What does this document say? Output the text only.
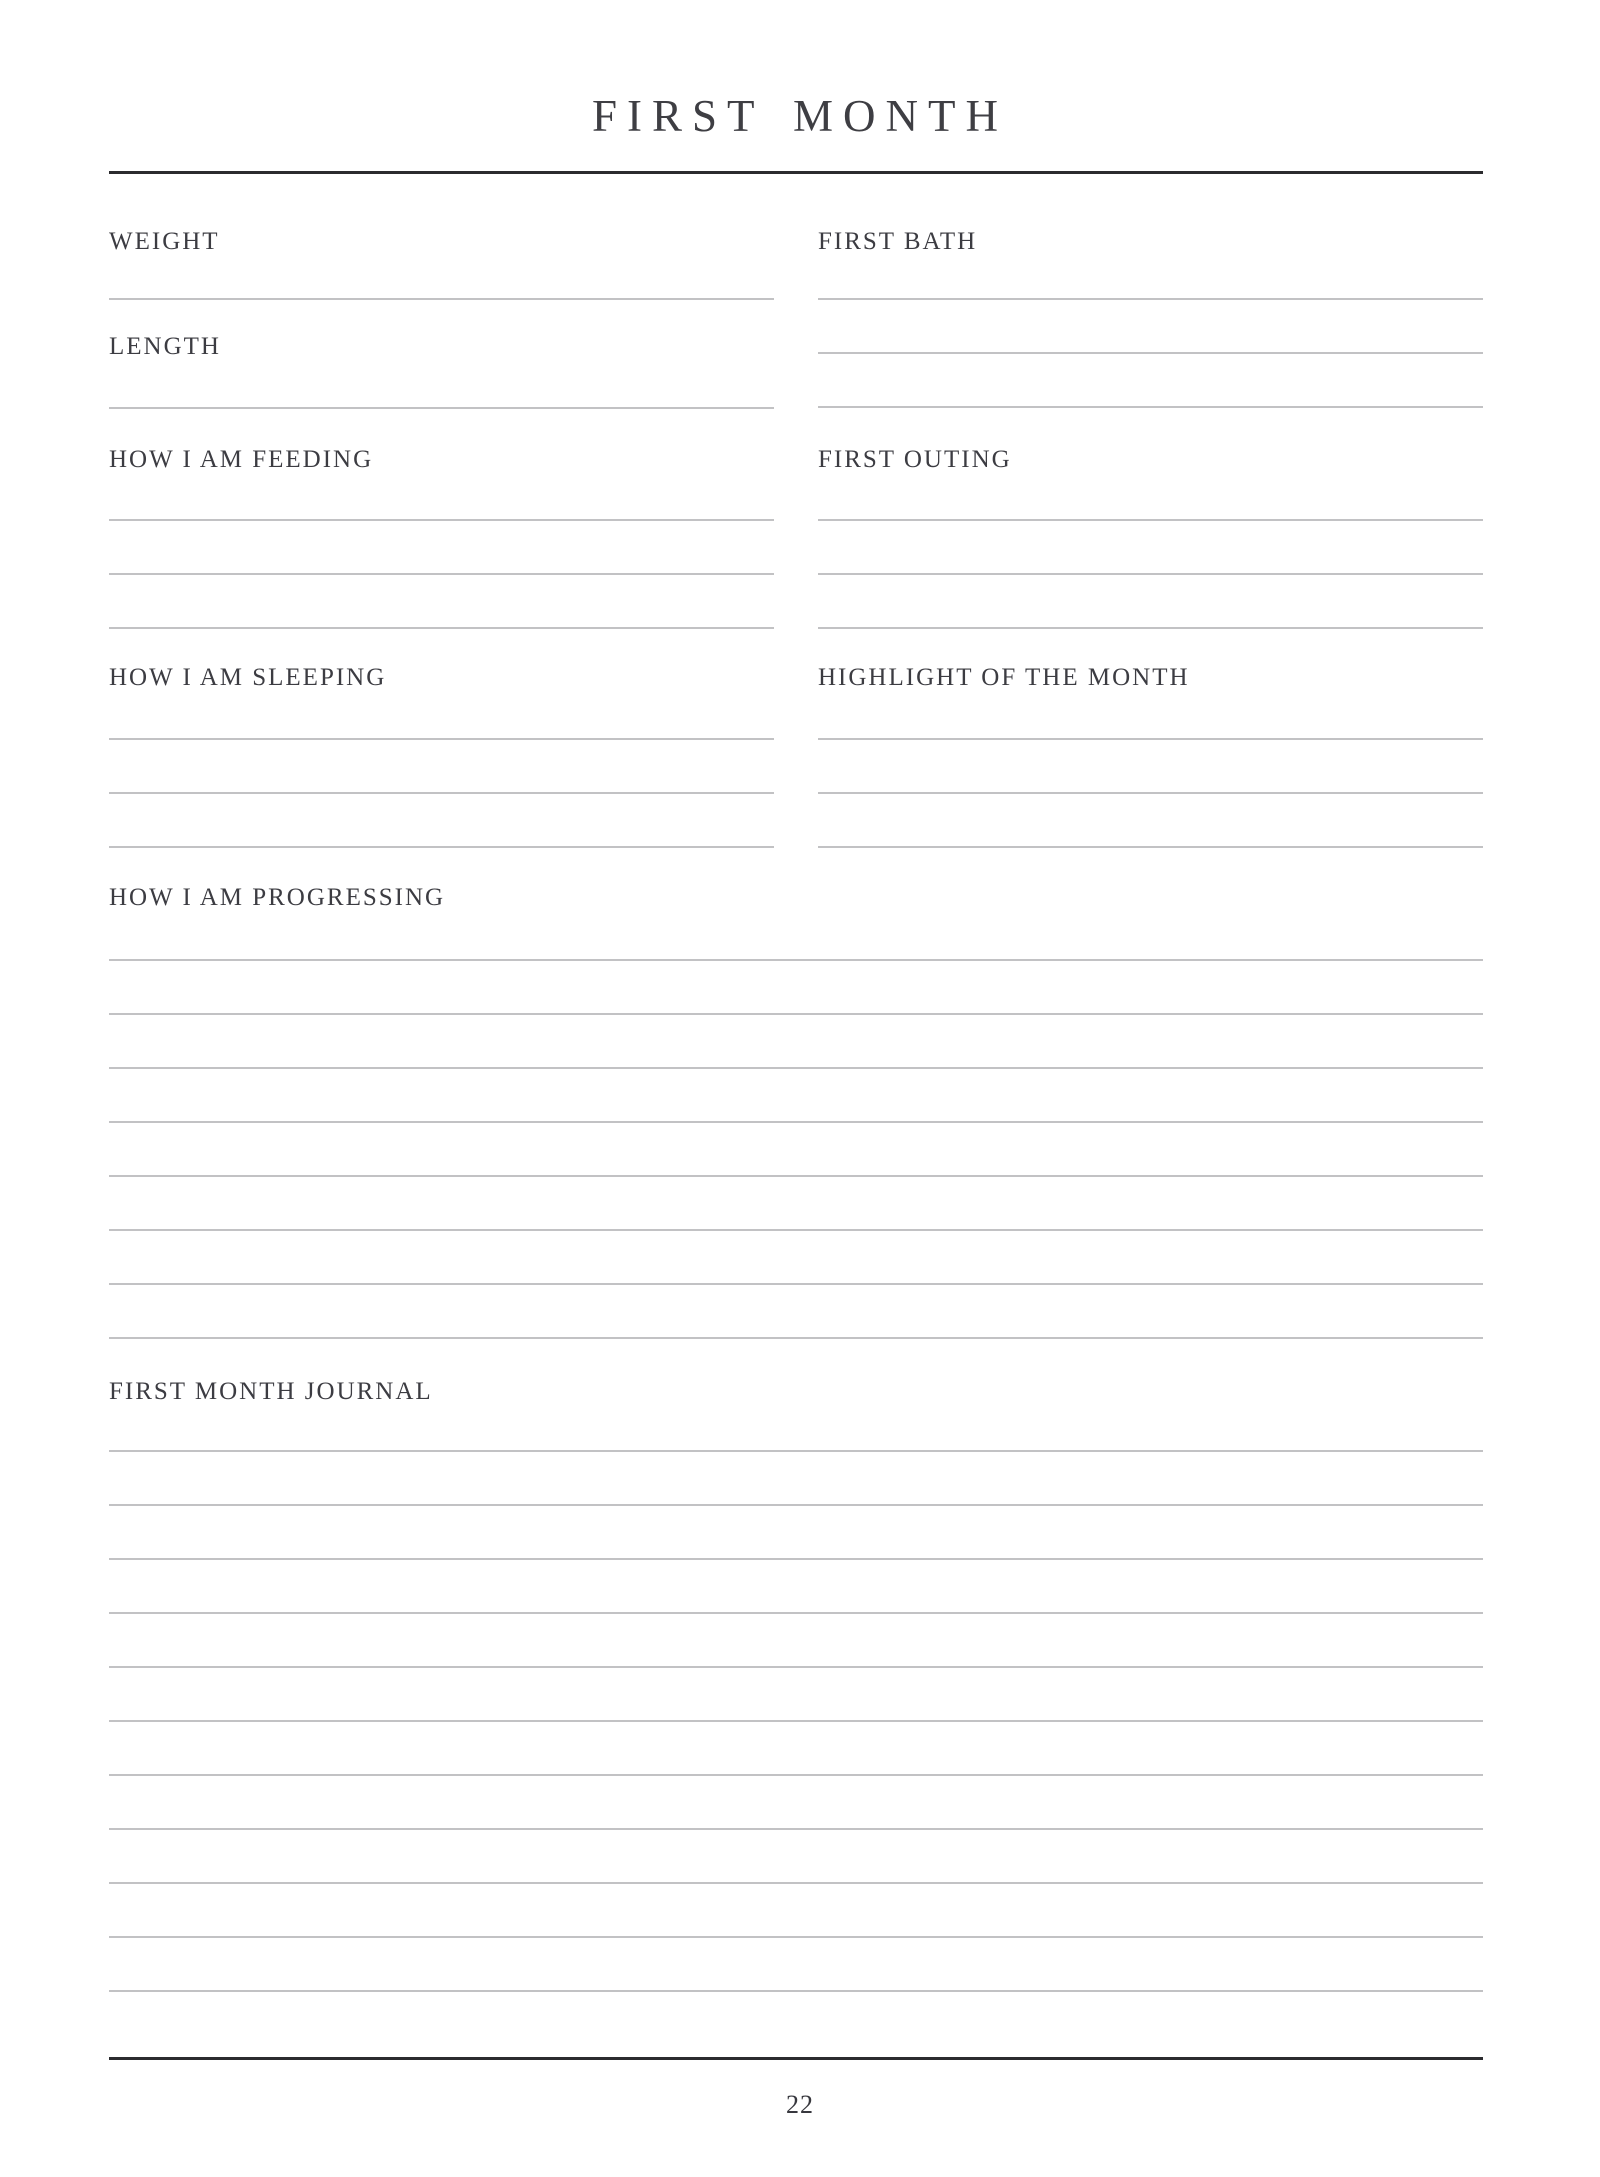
FIRST MONTH
WEIGHT
LENGTH
HOW I AM FEEDING
HOW I AM SLEEPING
FIRST BATH
FIRST OUTING
HIGHLIGHT OF THE MONTH
HOW I AM PROGRESSING
FIRST MONTH JOURNAL
22
